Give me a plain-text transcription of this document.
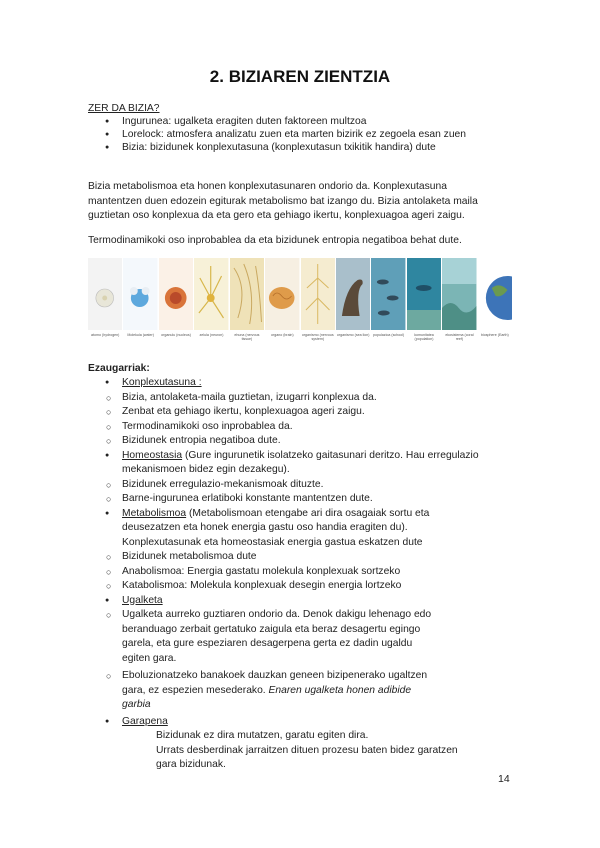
2. BIZIAREN ZIENTZIA
ZER DA BIZIA?
● Ingurunea: ugalketa eragiten duten faktoreen multzoa
● Lorelock: atmosfera analizatu zuen eta marten bizirik ez zegoela esan zuen
● Bizia: bizidunek konplexutasuna (konplexutasun txikitik handira) dute
Bizia metabolismoa eta honen konplexutasunaren ondorio da. Konplexutasuna
mantentzen duen edozein egiturak metabolismo bat izango du. Bizia antolaketa maila
guztietan oso konplexua da eta gero eta gehiago ikertu, konplexuagoa ageri zaigu.
Termodinamikoki oso inprobablea da eta bizidunek entropia negatiboa behat dute.
atomo (hydrogen)	Molekula (water)	organulu (nucleus)	zelula (neuron)	ehuna (nervous tissue)
organo (brain)	organismo (nervous system)
organismo (sea lion) populazioa (school)	komunitatea (population)
ekosistema (coral reef)
biosphere (Earth)
Ezaugarriak:
● Konplexutasuna :
○ Bizia, antolaketa-maila guztietan, izugarri konplexua da.
○ Zenbat eta gehiago ikertu, konplexuagoa ageri zaigu.
○ Termodinamikoki oso inprobablea da.
○ Bizidunek entropia negatiboa dute.
● Homeostasia (Gure ingurunetik isolatzeko gaitasunari deritzo. Hau erregulazio
mekanismoen bidez egin dezakegu).
○ Bizidunek erregulazio-mekanismoak dituzte.
○ Barne-ingurunea erlatiboki konstante mantentzen dute.
● Metabolismoa (Metabolismoan etengabe ari dira osagaiak sortu eta
deusezatzen eta honek energia gastu oso handia eragiten du).
Konplexutasunak eta homeostasiak energia gastua eskatzen dute
○ Bizidunek metabolismoa dute
○ Anabolismoa: Energia gastatu molekula konplexuak sortzeko
○ Katabolismoa: Molekula konplexuak desegin energia lortzeko
● Ugalketa
○ Ugalketa aurreko guztiaren ondorio da. Denok dakigu lehenago edo
beranduago zerbait gertatuko zaigula eta beraz desagertu egingo
garela, eta gure espeziaren desagerpena gerta ez dadin ugaldu
egiten gara.
○ Eboluzionatzeko banakoek dauzkan geneen bizipenerako ugaltzen
gara, ez espezien mesederako. Enaren ugalketa honen adibide
garbia
● Garapena
Bizidunak ez dira mutatzen, garatu egiten dira.
Urrats desberdinak jarraitzen dituen prozesu baten bidez garatzen
gara bizidunak.
14
